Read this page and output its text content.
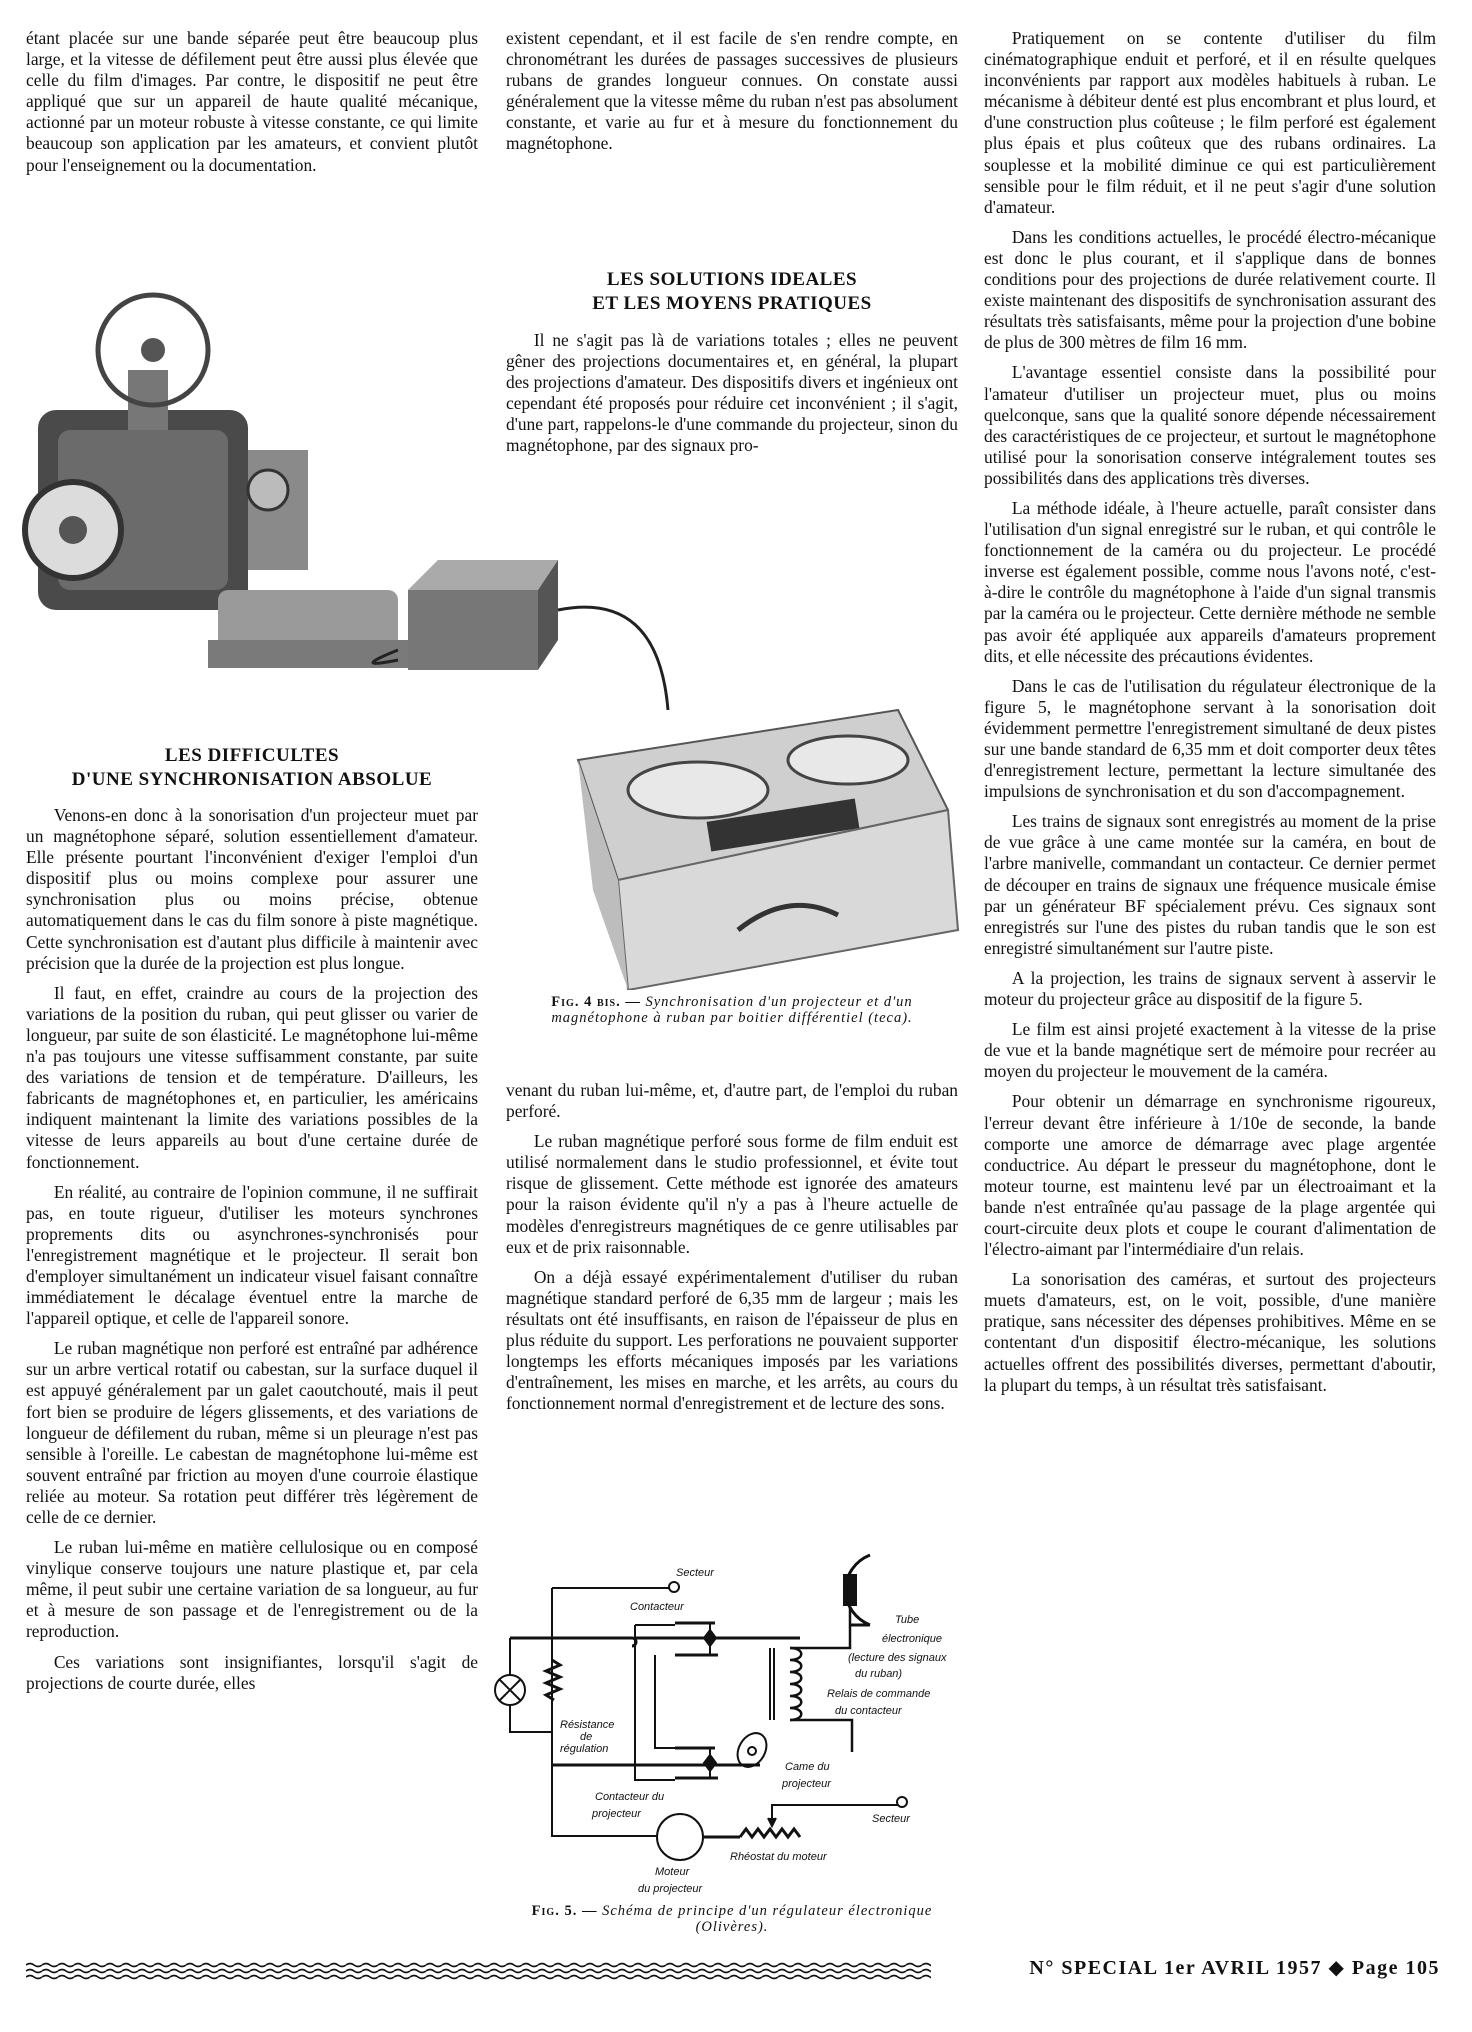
étant placée sur une bande séparée peut être beaucoup plus large, et la vitesse de défilement peut être aussi plus élevée que celle du film d'images. Par contre, le dispositif ne peut être appliqué que sur un appareil de haute qualité mécanique, actionné par un moteur robuste à vitesse constante, ce qui limite beaucoup son application par les amateurs, et convient plutôt pour l'enseignement ou la documentation.

LES DIFFICULTES
D'UNE SYNCHRONISATION ABSOLUE

Venons-en donc à la sonorisation d'un projecteur muet par un magnétophone séparé, solution essentiellement d'amateur. Elle présente pourtant l'inconvénient d'exiger l'emploi d'un dispositif plus ou moins complexe pour assurer une synchronisation plus ou moins précise, obtenue automatiquement dans le cas du film sonore à piste magnétique. Cette synchronisation est d'autant plus difficile à maintenir avec précision que la durée de la projection est plus longue.

Il faut, en effet, craindre au cours de la projection des variations de la position du ruban, qui peut glisser ou varier de longueur, par suite de son élasticité. Le magnétophone lui-même n'a pas toujours une vitesse suffisamment constante, par suite des variations de tension et de température. D'ailleurs, les fabricants de magnétophones et, en particulier, les américains indiquent maintenant la limite des variations possibles de la vitesse de leurs appareils au bout d'une certaine durée de fonctionnement.

En réalité, au contraire de l'opinion commune, il ne suffirait pas, en toute rigueur, d'utiliser les moteurs synchrones proprements dits ou asynchrones-synchronisés pour l'enregistrement magnétique et le projecteur. Il serait bon d'employer simultanément un indicateur visuel faisant connaître immédiatement le décalage éventuel entre la marche de l'appareil optique, et celle de l'appareil sonore.

Le ruban magnétique non perforé est entraîné par adhérence sur un arbre vertical rotatif ou cabestan, sur la surface duquel il est appuyé généralement par un galet caoutchouté, mais il peut fort bien se produire de légers glissements, et des variations de longueur de défilement du ruban, même si un pleurage n'est pas sensible à l'oreille. Le cabestan de magnétophone lui-même est souvent entraîné par friction au moyen d'une courroie élastique reliée au moteur. Sa rotation peut différer très légèrement de celle de ce dernier.

Le ruban lui-même en matière cellulosique ou en composé vinylique conserve toujours une nature plastique et, par cela même, il peut subir une certaine variation de sa longueur, au fur et à mesure de son passage et de l'enregistrement ou de la reproduction.

Ces variations sont insignifiantes, lorsqu'il s'agit de projections de courte durée, elles

existent cependant, et il est facile de s'en rendre compte, en chronométrant les durées de passages successives de plusieurs rubans de grandes longueur connues. On constate aussi généralement que la vitesse même du ruban n'est pas absolument constante, et varie au fur et à mesure du fonctionnement du magnétophone.

LES SOLUTIONS IDEALES
ET LES MOYENS PRATIQUES

Il ne s'agit pas là de variations totales ; elles ne peuvent gêner des projections documentaires et, en général, la plupart des projections d'amateur. Des dispositifs divers et ingénieux ont cependant été proposés pour réduire cet inconvénient ; il s'agit, d'une part, rappelons-le d'une commande du projecteur, sinon du magnétophone, par des signaux pro-

Fig. 4 bis. — Synchronisation d'un projecteur et d'un magnétophone à ruban par boitier différentiel (teca).

venant du ruban lui-même, et, d'autre part, de l'emploi du ruban perforé.

Le ruban magnétique perforé sous forme de film enduit est utilisé normalement dans le studio professionnel, et évite tout risque de glissement. Cette méthode est ignorée des amateurs pour la raison évidente qu'il n'y a pas à l'heure actuelle de modèles d'enregistreurs magnétiques de ce genre utilisables par eux et de prix raisonnable.

On a déjà essayé expérimentalement d'utiliser du ruban magnétique standard perforé de 6,35 mm de largeur ; mais les résultats ont été insuffisants, en raison de l'épaisseur de plus en plus réduite du support. Les perforations ne pouvaient supporter longtemps les efforts mécaniques imposés par les variations d'entraînement, les mises en marche, et les arrêts, au cours du fonctionnement normal d'enregistrement et de lecture des sons.

Secteur
Contacteur
Tube
électronique
(lecture des signaux
du ruban)
Relais de commande
du contacteur
Résistance
de
régulation
Came du
projecteur
Contacteur du
projecteur	Secteur
Rhéostat du moteur
Moteur
du projecteur
Fig. 5. — Schéma de principe d'un régulateur électronique (Olivères).

Pratiquement on se contente d'utiliser du film cinématographique enduit et perforé, et il en résulte quelques inconvénients par rapport aux modèles habituels à ruban. Le mécanisme à débiteur denté est plus encombrant et plus lourd, et d'une construction plus coûteuse ; le film perforé est également plus épais et plus coûteux que des rubans ordinaires. La souplesse et la mobilité diminue ce qui est particulièrement sensible pour le film réduit, et il ne peut s'agir d'une solution d'amateur.

Dans les conditions actuelles, le procédé électro-mécanique est donc le plus courant, et il s'applique dans de bonnes conditions pour des projections de durée relativement courte. Il existe maintenant des dispositifs de synchronisation assurant des résultats très satisfaisants, même pour la projection d'une bobine de plus de 300 mètres de film 16 mm.

L'avantage essentiel consiste dans la possibilité pour l'amateur d'utiliser un projecteur muet, plus ou moins quelconque, sans que la qualité sonore dépende nécessairement des caractéristiques de ce projecteur, et surtout le magnétophone utilisé pour la sonorisation conserve intégralement toutes ses possibilités dans des applications très diverses.

La méthode idéale, à l'heure actuelle, paraît consister dans l'utilisation d'un signal enregistré sur le ruban, et qui contrôle le fonctionnement de la caméra ou du projecteur. Le procédé inverse est également possible, comme nous l'avons noté, c'est-à-dire le contrôle du magnétophone à l'aide d'un signal transmis par la caméra ou le projecteur. Cette dernière méthode ne semble pas avoir été appliquée aux appareils d'amateurs proprement dits, et elle nécessite des précautions évidentes.

Dans le cas de l'utilisation du régulateur électronique de la figure 5, le magnétophone servant à la sonorisation doit évidemment permettre l'enregistrement simultané de deux pistes sur une bande standard de 6,35 mm et doit comporter deux têtes d'enregistrement lecture, permettant la lecture simultanée des impulsions de synchronisation et du son d'accompagnement.

Les trains de signaux sont enregistrés au moment de la prise de vue grâce à une came montée sur la caméra, en bout de l'arbre manivelle, commandant un contacteur. Ce dernier permet de découper en trains de signaux une fréquence musicale émise par un générateur BF spécialement prévu. Ces signaux sont enregistrés sur l'une des pistes du ruban tandis que le son est enregistré simultanément sur l'autre piste.

A la projection, les trains de signaux servent à asservir le moteur du projecteur grâce au dispositif de la figure 5.

Le film est ainsi projeté exactement à la vitesse de la prise de vue et la bande magnétique sert de mémoire pour recréer au moyen du projecteur le mouvement de la caméra.

Pour obtenir un démarrage en synchronisme rigoureux, l'erreur devant être inférieure à 1/10e de seconde, la bande comporte une amorce de démarrage avec plage argentée conductrice. Au départ le presseur du magnétophone, dont le moteur tourne, est maintenu levé par un électroaimant et la bande n'est entraînée qu'au passage de la plage argentée qui court-circuite deux plots et coupe le courant d'alimentation de l'électro-aimant par l'intermédiaire d'un relais.

La sonorisation des caméras, et surtout des projecteurs muets d'amateurs, est, on le voit, possible, d'une manière pratique, sans nécessiter des dépenses prohibitives. Même en se contentant d'un dispositif électro-mécanique, les solutions actuelles offrent des possibilités diverses, permettant d'aboutir, la plupart du temps, à un résultat très satisfaisant.

N° SPECIAL 1er AVRIL 1957 ◆ Page 105
